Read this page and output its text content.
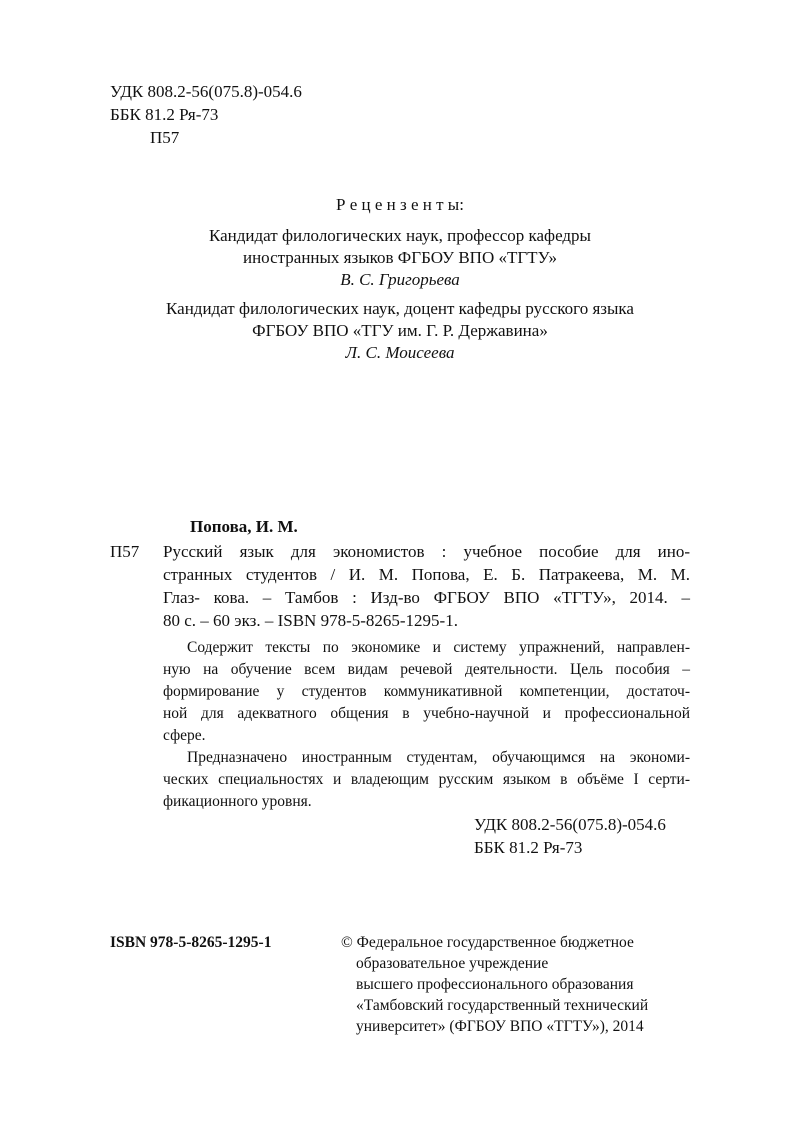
УДК 808.2-56(075.8)-054.6
ББК 81.2 Ря-73
П57
Р е ц е н з е н т ы:
Кандидат филологических наук, профессор кафедры
иностранных языков ФГБОУ ВПО «ТГТУ»
В. С. Григорьева
Кандидат филологических наук, доцент кафедры русского языка
ФГБОУ ВПО «ТГУ им. Г. Р. Державина»
Л. С. Моисеева
Попова, И. М.
П57 Русский язык для экономистов : учебное пособие для ино-
странных студентов / И. М. Попова, Е. Б. Патракеева, М. М.
Глаз- кова. – Тамбов : Изд-во ФГБОУ ВПО «ТГТУ», 2014. –
80 с. – 60 экз. – ISBN 978-5-8265-1295-1.
Содержит тексты по экономике и систему упражнений, направлен-
ную на обучение всем видам речевой деятельности. Цель пособия –
формирование у студентов коммуникативной компетенции, достаточ-
ной для адекватного общения в учебно-научной и профессиональной
сфере.
Предназначено иностранным студентам, обучающимся на экономи-
ческих специальностях и владеющим русским языком в объёме I серти-
фикационного уровня.
УДК 808.2-56(075.8)-054.6
ББК 81.2 Ря-73
ISBN 978-5-8265-1295-1	© Федеральное государственное бюджетное
образовательное учреждение
высшего профессионального образования
«Тамбовский государственный технический
университет» (ФГБОУ ВПО «ТГТУ»), 2014
